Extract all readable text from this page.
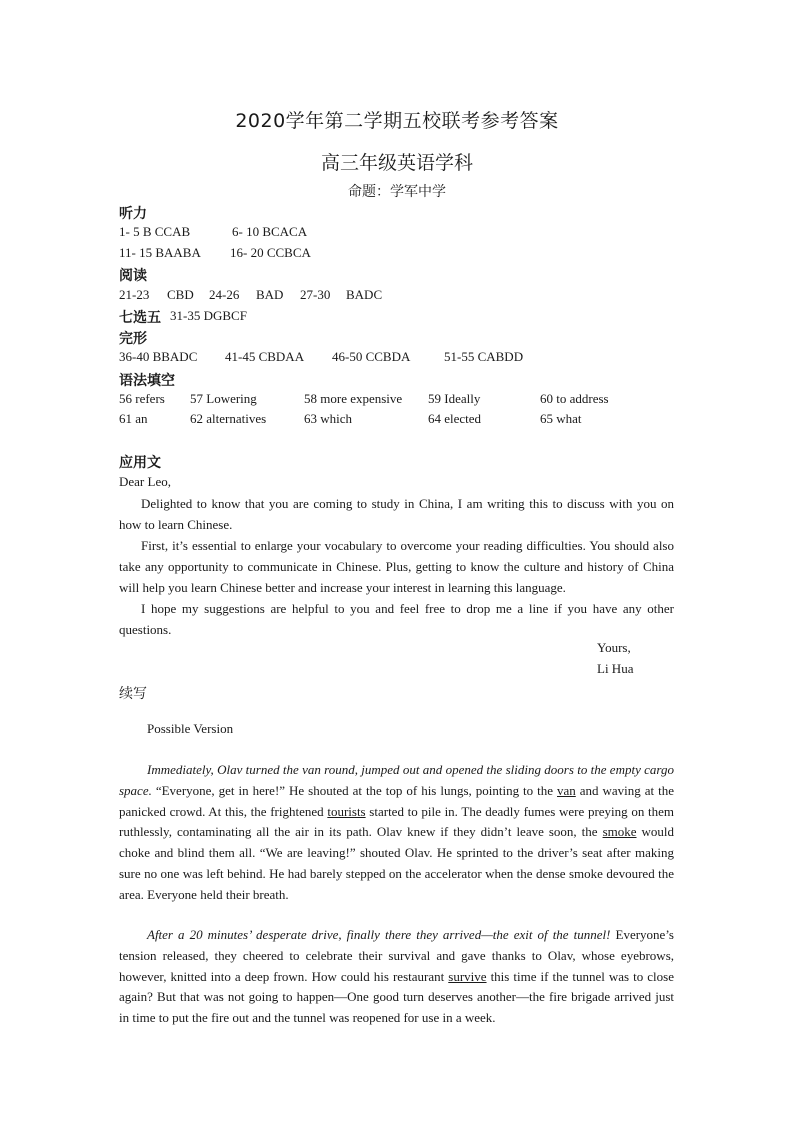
2020学年第二学期五校联考参考答案
高三年级英语学科
命题：学军中学
听力
1- 5 B CCAB	6- 10 BCACA
11- 15 BAABA 16- 20 CCBCA
阅读
21-23 CBD 24-26 BAD 27-30 BADC
七选五 31-35 DGBCF
完形
36-40 BBADC 41-45 CBDAA 46-50 CCBDA	51-55 CABDD
语法填空
56 refers 57 Lowering	58 more expensive 59 Ideally	60 to address
61 an	62 alternatives	63 which	64 elected	65 what
应用文
Dear Leo,

Delighted to know that you are coming to study in China, I am writing this to discuss with you on how to learn Chinese.

First, it’s essential to enlarge your vocabulary to overcome your reading difficulties. You should also take any opportunity to communicate in Chinese. Plus, getting to know the culture and history of China will help you learn Chinese better and increase your interest in learning this language.

I hope my suggestions are helpful to you and feel free to drop me a line if you have any other questions.

Yours,
Li Hua
续写
Possible Version

Immediately, Olav turned the van round, jumped out and opened the sliding doors to the empty cargo space. “Everyone, get in here!” He shouted at the top of his lungs, pointing to the van and waving at the panicked crowd. At this, the frightened tourists started to pile in. The deadly fumes were preying on them ruthlessly, contaminating all the air in its path. Olav knew if they didn’t leave soon, the smoke would choke and blind them all. “We are leaving!” shouted Olav. He sprinted to the driver’s seat after making sure no one was left behind. He had barely stepped on the accelerator when the dense smoke devoured the area. Everyone held their breath.

After a 20 minutes’ desperate drive, finally there they arrived—the exit of the tunnel! Everyone’s tension released, they cheered to celebrate their survival and gave thanks to Olav, whose eyebrows, however, knitted into a deep frown. How could his restaurant survive this time if the tunnel was to close again? But that was not going to happen—One good turn deserves another—the fire brigade arrived just in time to put the fire out and the tunnel was reopened for use in a week.
